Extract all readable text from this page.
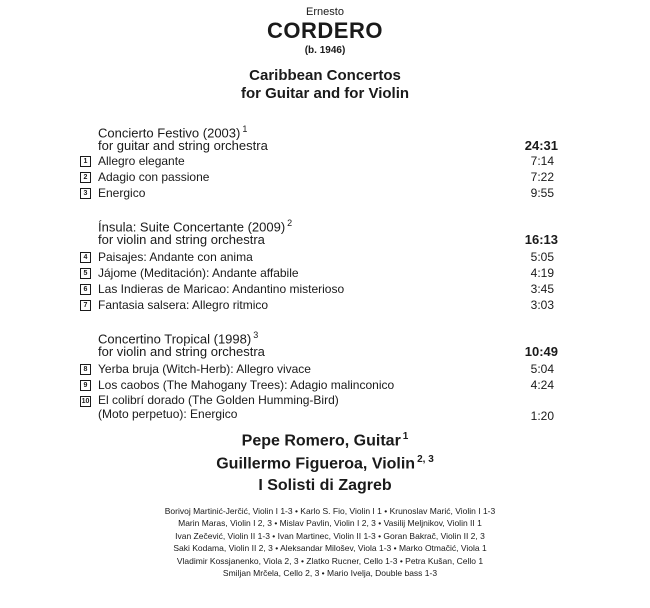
Ernesto
CORDERO
(b. 1946)
Caribbean Concertos
for Guitar and for Violin
Concierto Festivo (2003) $^1$
for guitar and string orchestra	24:31
1 Allegro elegante	7:14
2 Adagio con passione	7:22
3 Energico	9:55
Ínsula: Suite Concertante (2009) $^2$
for violin and string orchestra	16:13
4 Paisajes: Andante con anima	5:05
5 Jájome (Meditación): Andante affabile	4:19
6 Las Indieras de Maricao: Andantino misterioso	3:45
7 Fantasia salsera: Allegro ritmico	3:03
Concertino Tropical (1998) $^3$
for violin and string orchestra	10:49
8 Yerba bruja (Witch-Herb): Allegro vivace	5:04
9 Los caobos (The Mahogany Trees): Adagio malinconico	4:24
10 El colibrí dorado (The Golden Humming-Bird)
(Moto perpetuo): Energico	1:20
Pepe Romero, Guitar $^1$
Guillermo Figueroa, Violin $^{2, 3}$
I Solisti di Zagreb
Borivoj Martinić-Jerčić, Violin I 1-3 • Karlo S. Fio, Violin I 1 • Krunoslav Marić, Violin I 1-3
Marin Maras, Violin I 2, 3 • Mislav Pavlin, Violin I 2, 3 • Vasilij Meljnikov, Violin II 1
Ivan Zečević, Violin II 1-3 • Ivan Martinec, Violin II 1-3 • Goran Bakrač, Violin II 2, 3
Saki Kodama, Violin II 2, 3 • Aleksandar Milošev, Viola 1-3 • Marko Otmačić, Viola 1
Vladimir Kossjanenko, Viola 2, 3 • Zlatko Rucner, Cello 1-3 • Petra Kušan, Cello 1
Smiljan Mrčela, Cello 2, 3 • Mario Ivelja, Double bass 1-3
